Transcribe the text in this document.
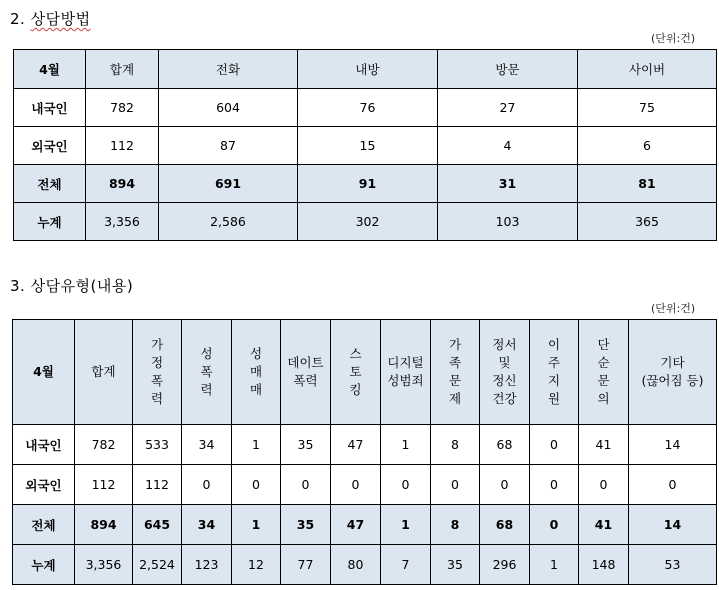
2. 상담방법
(단위:건)
4월	합계	전화	내방	방문	사이버
내국인	782	604	76	27	75
외국인	112	87	15	4	6
전체	894	691	91	31	81
누계	3,356	2,586	302	103	365
3. 상담유형(내용)
(단위:건)
4월	합계	가
정
폭
력	성
폭
력	성
매
매	데이트
폭력	스
토
킹	디지털
성범죄	가
족
문
제	정서
및
정신
건강	이
주
지
원	단
순
문
의	기타
(끊어짐 등)
내국인	782	533	34	1	35	47	1	8	68	0	41	14
외국인	112	112	0	0	0	0	0	0	0	0	0	0
전체	894	645	34	1	35	47	1	8	68	0	41	14
누계	3,356	2,524	123	12	77	80	7	35	296	1	148	53
